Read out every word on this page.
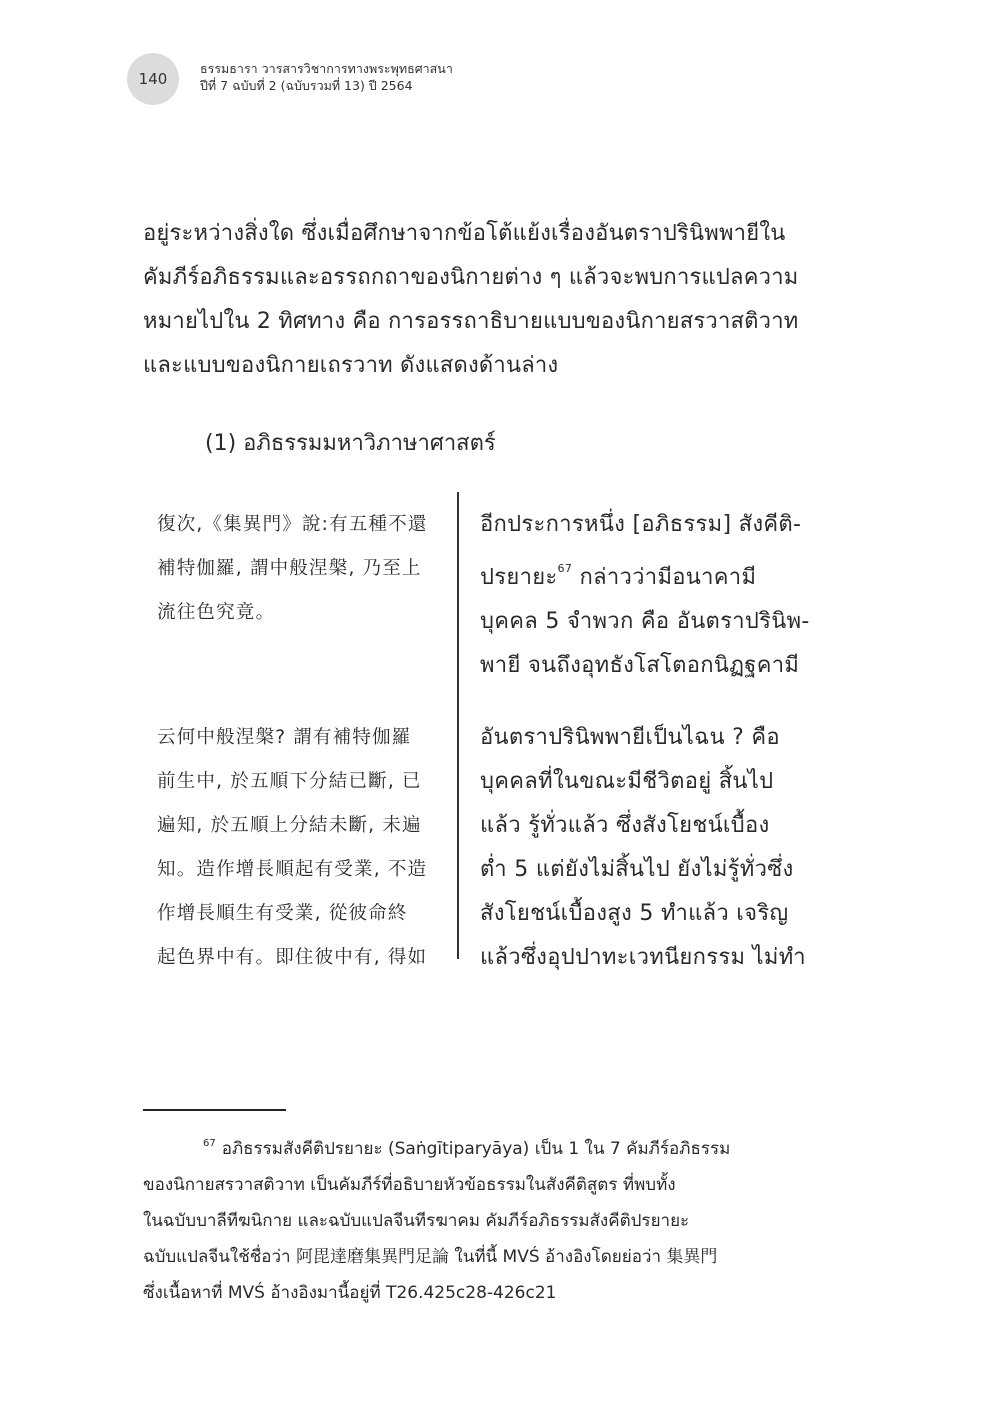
140
ธรรมธารา วารสารวิชาการทางพระพุทธศาสนา
ปีที่ 7 ฉบับที่ 2 (ฉบับรวมที่ 13) ปี 2564
อยู่ระหว่างสิ่งใด ซึ่งเมื่อศึกษาจากข้อโต้แย้งเรื่องอันตราปรินิพพายีใน
คัมภีร์อภิธรรมและอรรถกถาของนิกายต่าง ๆ แล้วจะพบการแปลความ
หมายไปใน 2 ทิศทาง คือ การอรรถาธิบายแบบของนิกายสรวาสติวาท
และแบบของนิกายเถรวาท ดังแสดงด้านล่าง
(1) อภิธรรมมหาวิภาษาศาสตร์
復次,《集異門》說:有五種不還
補特伽羅, 謂中般涅槃, 乃至上
流往色究竟。
อีกประการหนึ่ง [อภิธรรม] สังคีติ-
ปรยายะ$^{67}$ กล่าวว่ามีอนาคามี
บุคคล 5 จำพวก คือ อันตราปรินิพ-
พายี จนถึงอุทธังโสโตอกนิฏฐคามี
云何中般涅槃? 謂有補特伽羅
前生中, 於五順下分結已斷, 已
遍知, 於五順上分結未斷, 未遍
知。造作增長順起有受業, 不造
作增長順生有受業, 從彼命終
起色界中有。即住彼中有, 得如
อันตราปรินิพพายีเป็นไฉน ? คือ
บุคคลที่ในขณะมีชีวิตอยู่ สิ้นไป
แล้ว รู้ทั่วแล้ว ซึ่งสังโยชน์เบื้อง
ต่ำ 5 แต่ยังไม่สิ้นไป ยังไม่รู้ทั่วซึ่ง
สังโยชน์เบื้องสูง 5 ทำแล้ว เจริญ
แล้วซึ่งอุปปาทะเวทนียกรรม ไม่ทำ
$^{67}$ อภิธรรมสังคีติปรยายะ (Saṅgītiparyāya) เป็น 1 ใน 7 คัมภีร์อภิธรรม
ของนิกายสรวาสติวาท เป็นคัมภีร์ที่อธิบายหัวข้อธรรมในสังคีติสูตร ที่พบทั้ง
ในฉบับบาลีทีฆนิกาย และฉบับแปลจีนทีรฆาคม คัมภีร์อภิธรรมสังคีติปรยายะ
ฉบับแปลจีนใช้ชื่อว่า 阿毘達磨集異門足論 ในที่นี้ MVŚ อ้างอิงโดยย่อว่า 集異門
ซึ่งเนื้อหาที่ MVŚ อ้างอิงมานี้อยู่ที่ T26.425c28-426c21
